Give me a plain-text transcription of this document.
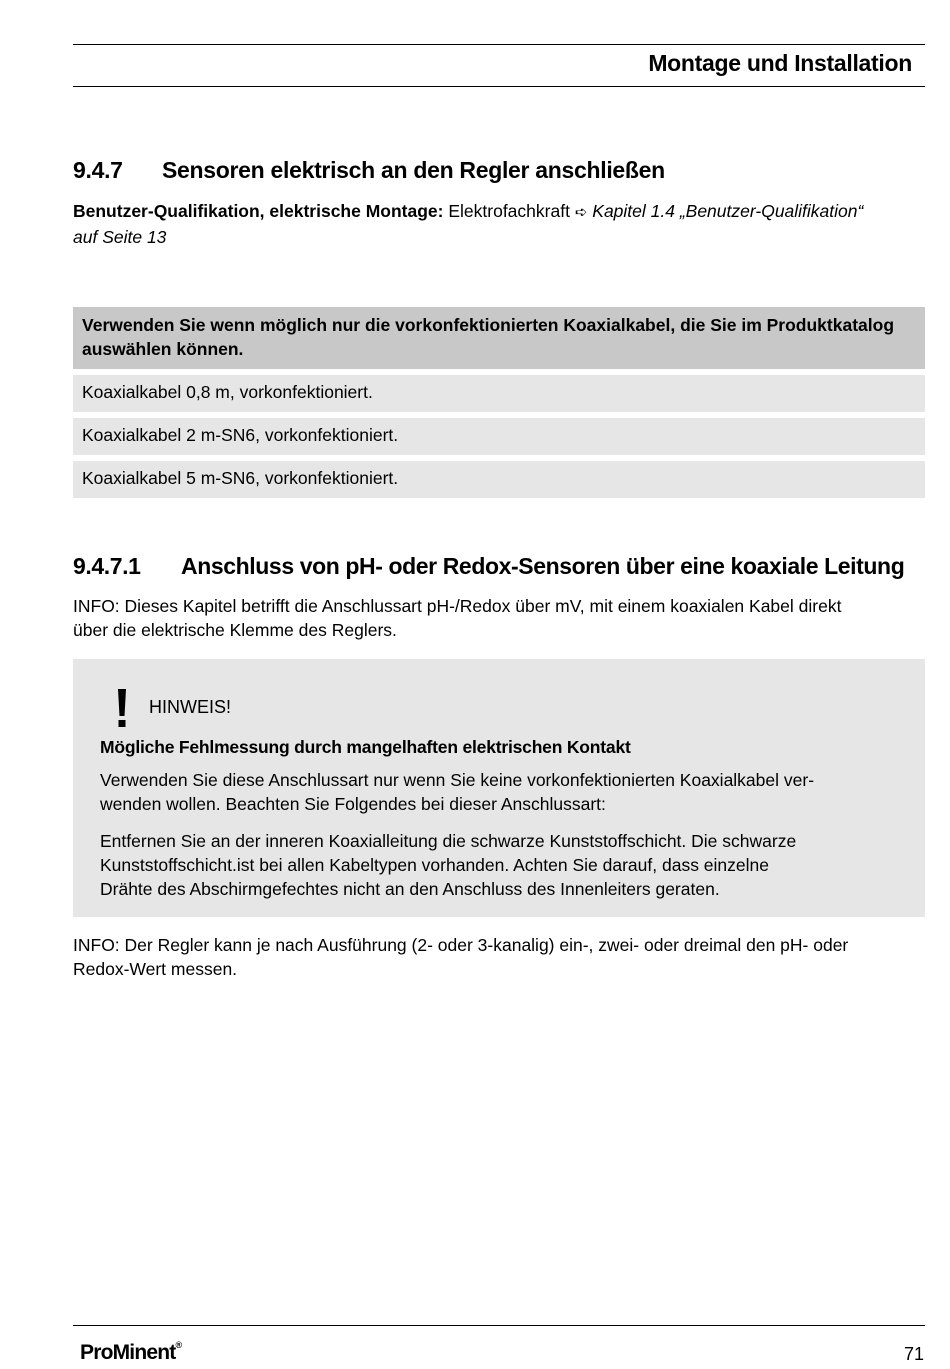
Montage und Installation
9.4.7 Sensoren elektrisch an den Regler anschließen
Benutzer-Qualifikation, elektrische Montage: Elektrofachkraft ➪ Kapitel 1.4 „Benutzer-Qualifikation“
auf Seite 13
Verwenden Sie wenn möglich nur die vorkonfektionierten Koaxialkabel, die Sie im Produktkatalog
auswählen können.
Koaxialkabel 0,8 m, vorkonfektioniert.
Koaxialkabel 2 m-SN6, vorkonfektioniert.
Koaxialkabel 5 m-SN6, vorkonfektioniert.
9.4.7.1 Anschluss von pH- oder Redox-Sensoren über eine koaxiale Leitung
INFO: Dieses Kapitel betrifft die Anschlussart pH-/Redox über mV, mit einem koaxialen Kabel direkt
über die elektrische Klemme des Reglers.
HINWEIS!
Mögliche Fehlmessung durch mangelhaften elektrischen Kontakt
Verwenden Sie diese Anschlussart nur wenn Sie keine vorkonfektionierten Koaxialkabel ver-
wenden wollen. Beachten Sie Folgendes bei dieser Anschlussart:
Entfernen Sie an der inneren Koaxialleitung die schwarze Kunststoffschicht. Die schwarze
Kunststoffschicht.ist bei allen Kabeltypen vorhanden. Achten Sie darauf, dass einzelne
Drähte des Abschirmgefechtes nicht an den Anschluss des Innenleiters geraten.
INFO: Der Regler kann je nach Ausführung (2- oder 3-kanalig) ein-, zwei- oder dreimal den pH- oder
Redox-Wert messen.
ProMinent®	71
